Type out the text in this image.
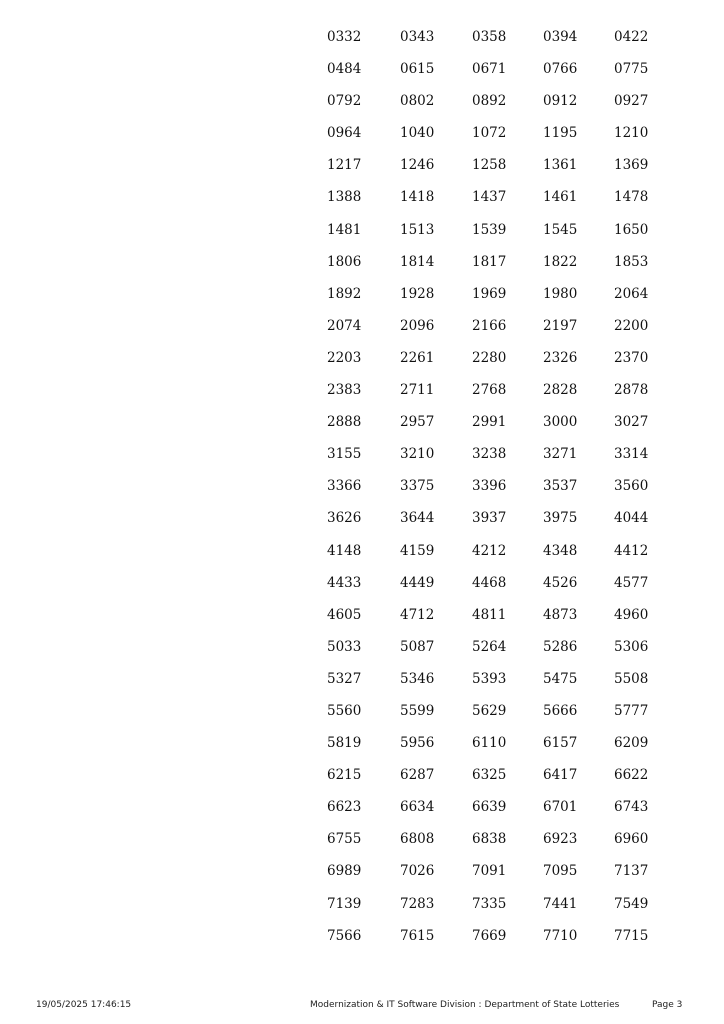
0332	0343	0358	0394	0422
0484	0615	0671	0766	0775
0792	0802	0892	0912	0927
0964	1040	1072	1195	1210
1217	1246	1258	1361	1369
1388	1418	1437	1461	1478
1481	1513	1539	1545	1650
1806	1814	1817	1822	1853
1892	1928	1969	1980	2064
2074	2096	2166	2197	2200
2203	2261	2280	2326	2370
2383	2711	2768	2828	2878
2888	2957	2991	3000	3027
3155	3210	3238	3271	3314
3366	3375	3396	3537	3560
3626	3644	3937	3975	4044
4148	4159	4212	4348	4412
4433	4449	4468	4526	4577
4605	4712	4811	4873	4960
5033	5087	5264	5286	5306
5327	5346	5393	5475	5508
5560	5599	5629	5666	5777
5819	5956	6110	6157	6209
6215	6287	6325	6417	6622
6623	6634	6639	6701	6743
6755	6808	6838	6923	6960
6989	7026	7091	7095	7137
7139	7283	7335	7441	7549
7566	7615	7669	7710	7715
19/05/2025 17:46:15	Modernization & IT Software Division : Department of State Lotteries	Page 3
